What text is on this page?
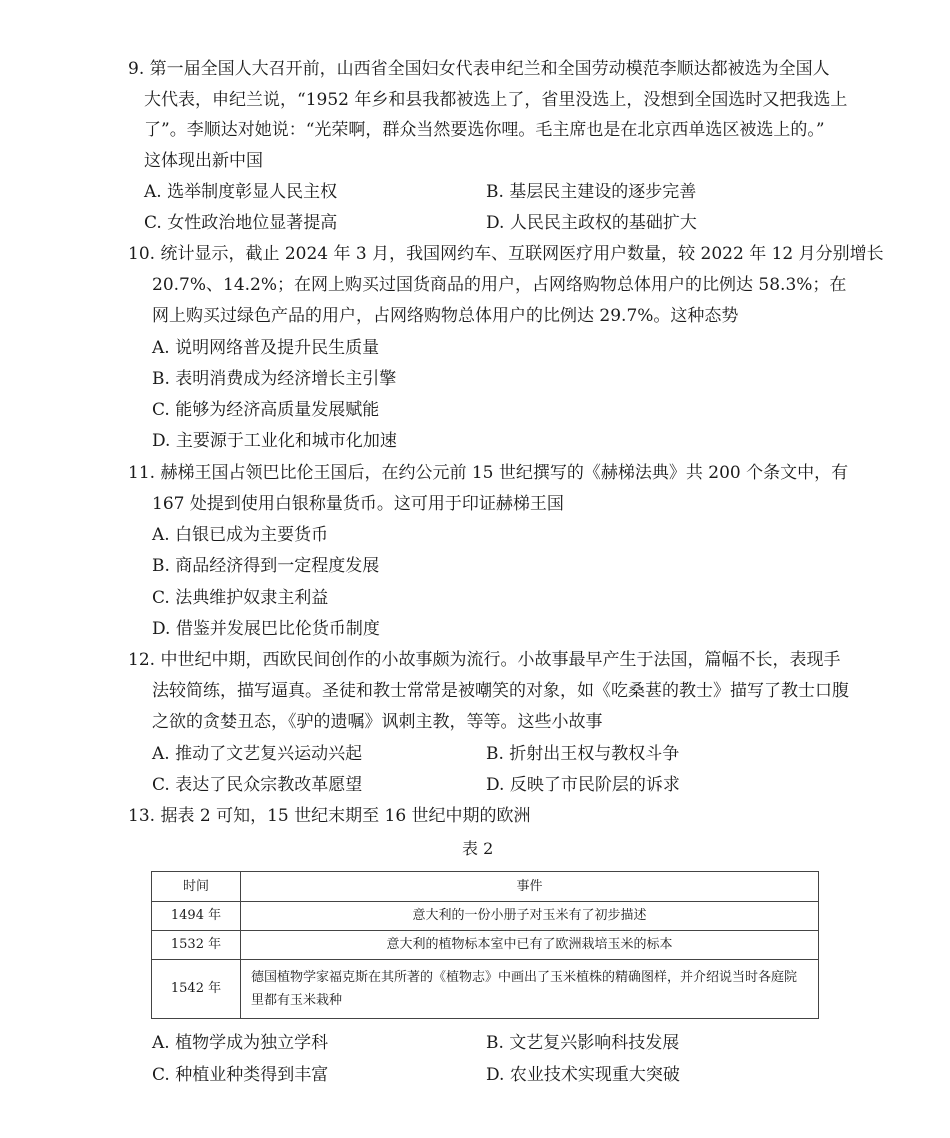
9. 第一届全国人大召开前，山西省全国妇女代表申纪兰和全国劳动模范李顺达都被选为全国人
大代表，申纪兰说，“1952 年乡和县我都被选上了，省里没选上，没想到全国选时又把我选上
了”。李顺达对她说：“光荣啊，群众当然要选你哩。毛主席也是在北京西单选区被选上的。”
这体现出新中国
A. 选举制度彰显人民主权	B. 基层民主建设的逐步完善
C. 女性政治地位显著提高	D. 人民民主政权的基础扩大
10. 统计显示，截止 2024 年 3 月，我国网约车、互联网医疗用户数量，较 2022 年 12 月分别增长
20.7%、14.2%；在网上购买过国货商品的用户，占网络购物总体用户的比例达 58.3%；在
网上购买过绿色产品的用户，占网络购物总体用户的比例达 29.7%。这种态势
A. 说明网络普及提升民生质量
B. 表明消费成为经济增长主引擎
C. 能够为经济高质量发展赋能
D. 主要源于工业化和城市化加速
11. 赫梯王国占领巴比伦王国后，在约公元前 15 世纪撰写的《赫梯法典》共 200 个条文中，有
167 处提到使用白银称量货币。这可用于印证赫梯王国
A. 白银已成为主要货币
B. 商品经济得到一定程度发展
C. 法典维护奴隶主利益
D. 借鉴并发展巴比伦货币制度
12. 中世纪中期，西欧民间创作的小故事颇为流行。小故事最早产生于法国，篇幅不长，表现手
法较简练，描写逼真。圣徒和教士常常是被嘲笑的对象，如《吃桑葚的教士》描写了教士口腹
之欲的贪婪丑态，《驴的遗嘱》讽刺主教，等等。这些小故事
A. 推动了文艺复兴运动兴起	B. 折射出王权与教权斗争
C. 表达了民众宗教改革愿望	D. 反映了市民阶层的诉求
13. 据表 2 可知，15 世纪末期至 16 世纪中期的欧洲
表 2
时间	事件
1494 年	意大利的一份小册子对玉米有了初步描述
1532 年	意大利的植物标本室中已有了欧洲栽培玉米的标本
1542 年	德国植物学家福克斯在其所著的《植物志》中画出了玉米植株的精确图样，并介绍说当时各庭院里都有玉米栽种
A. 植物学成为独立学科	B. 文艺复兴影响科技发展
C. 种植业种类得到丰富	D. 农业技术实现重大突破
